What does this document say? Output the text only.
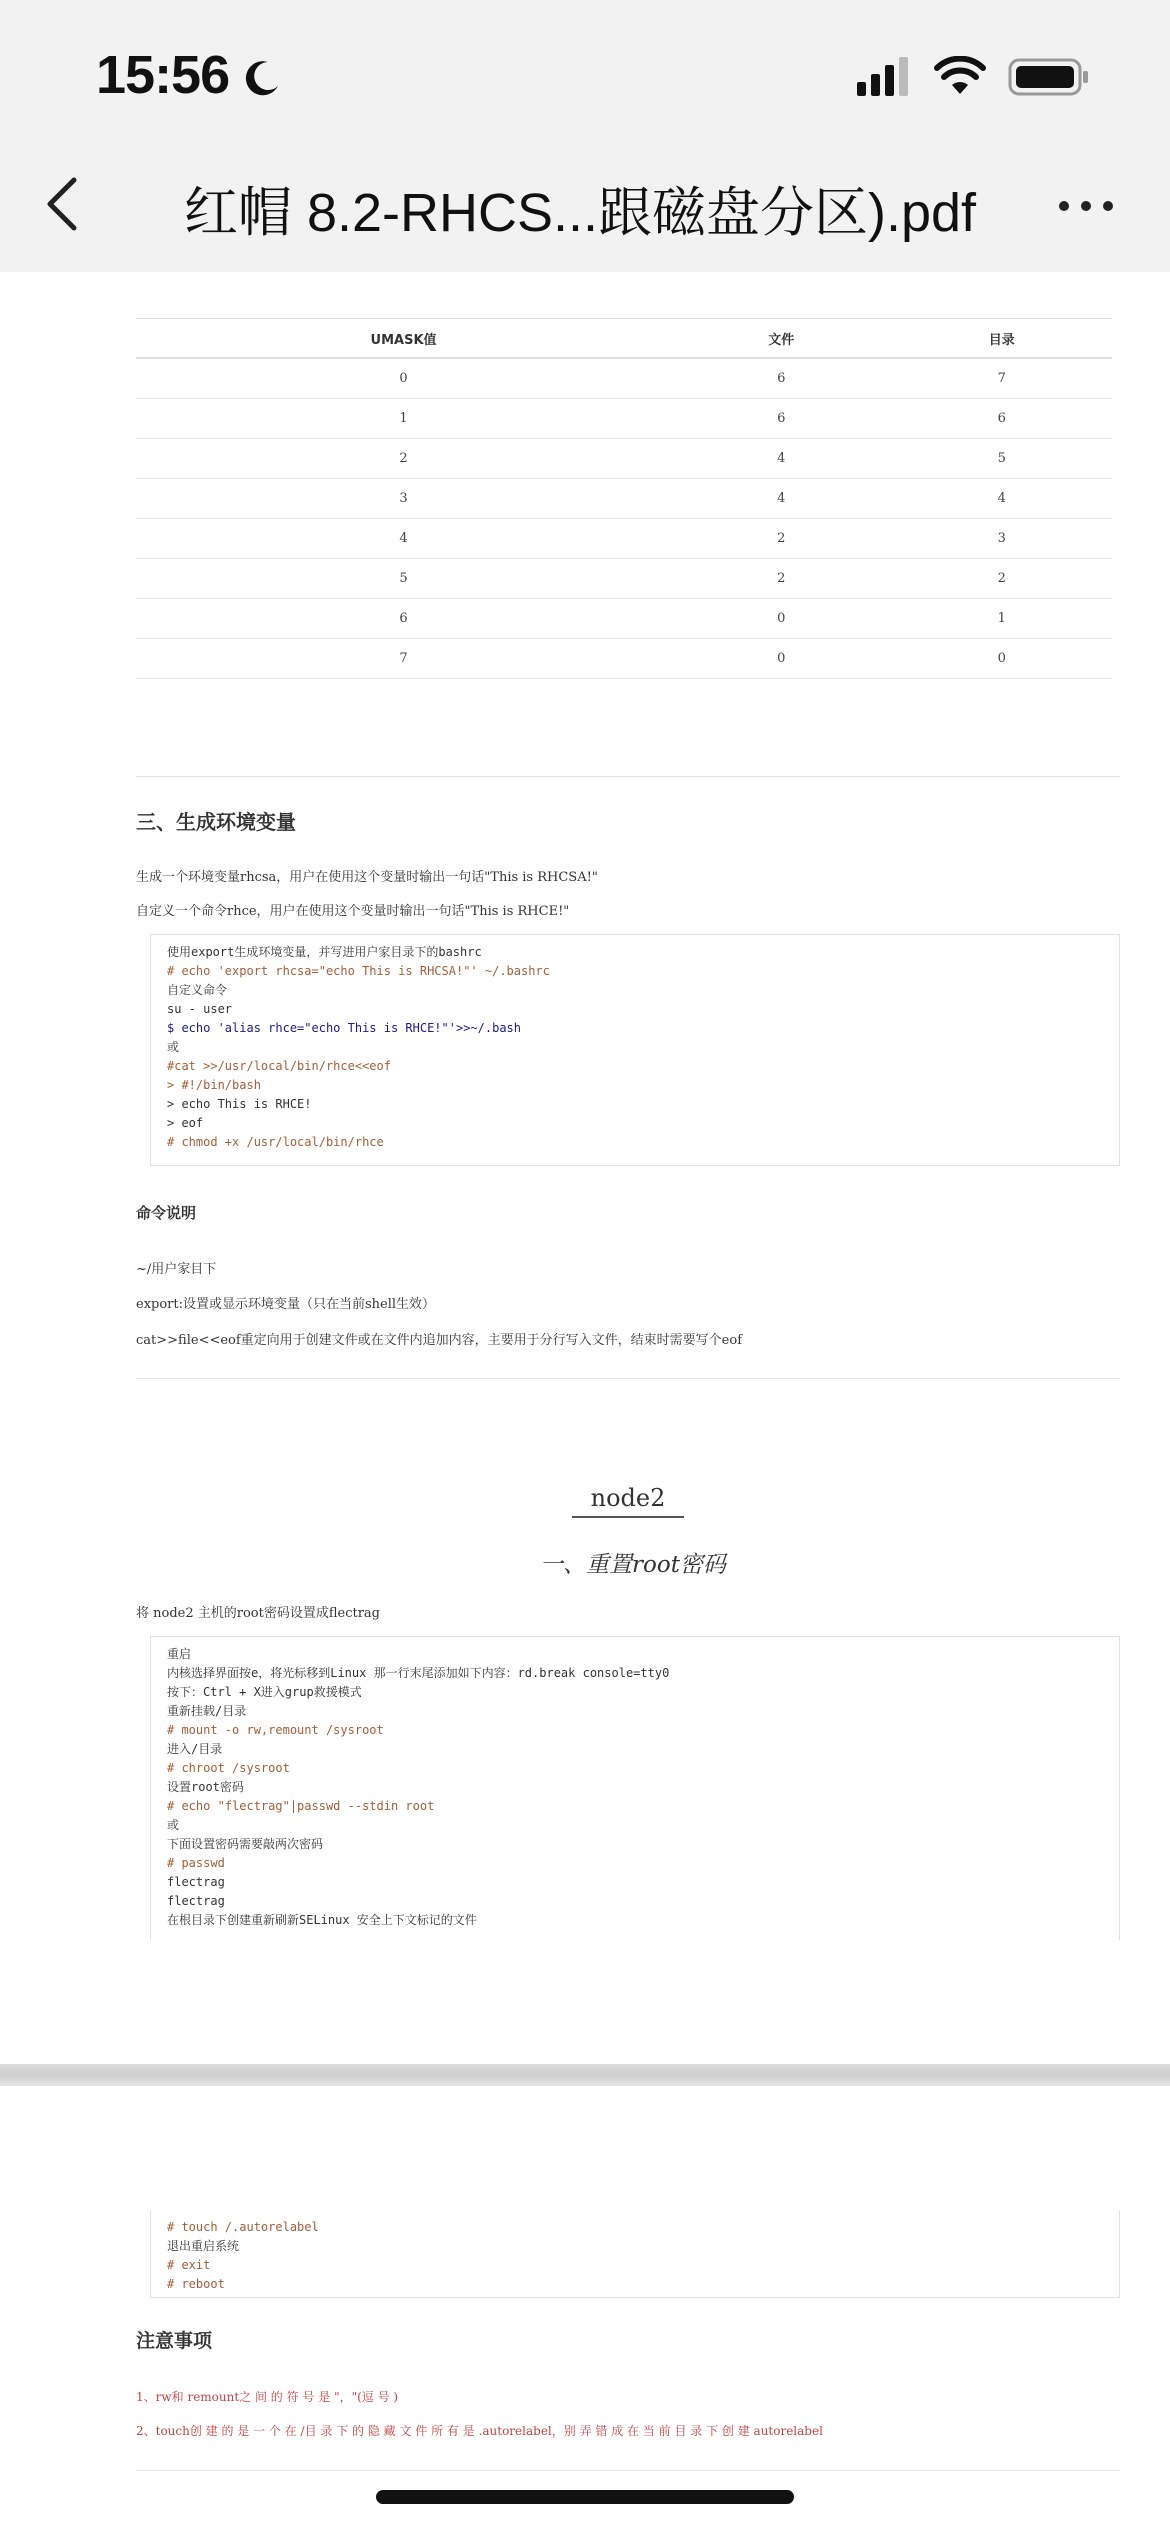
15:56
红帽 8.2-RHCS...跟磁盘分区).pdf
UMASK值	文件	目录
0	6	7
1	6	6
2	4	5
3	4	4
4	2	3
5	2	2
6	0	1
7	0	0
三、生成环境变量
生成一个环境变量rhcsa，用户在使用这个变量时输出一句话"This is RHCSA!"
自定义一个命令rhce，用户在使用这个变量时输出一句话"This is RHCE!"
使用export生成环境变量，并写进用户家目录下的bashrc
# echo 'export rhcsa="echo This is RHCSA!"' ~/.bashrc
自定义命令
su - user
$ echo 'alias rhce="echo This is RHCE!"'>>~/.bash
或
#cat >>/usr/local/bin/rhce<<eof
> #!/bin/bash
> echo This is RHCE!
> eof
# chmod +x /usr/local/bin/rhce
命令说明
~/用户家目下
export:设置或显示环境变量（只在当前shell生效）
cat>>file<<eof重定向用于创建文件或在文件内追加内容，主要用于分行写入文件，结束时需要写个eof
node2
一、重置root密码
将 node2 主机的root密码设置成flectrag
重启
内核选择界面按e，将光标移到Linux 那一行末尾添加如下内容：rd.break console=tty0
按下：Ctrl + X进入grup救援模式
重新挂载/目录
# mount -o rw,remount /sysroot
进入/目录
# chroot /sysroot
设置root密码
# echo "flectrag"|passwd --stdin root
或
下面设置密码需要敲两次密码
# passwd
flectrag
flectrag
在根目录下创建重新刷新SELinux 安全上下文标记的文件
# touch /.autorelabel
退出重启系统
# exit
# reboot
注意事项
1、rw和 remount之 间 的 符 号 是 "，"(逗 号 )
2、touch创 建 的 是 一 个 在 /目 录 下 的 隐 藏 文 件 所 有 是 .autorelabel，别 弄 错 成 在 当 前 目 录 下 创 建 autorelabel
